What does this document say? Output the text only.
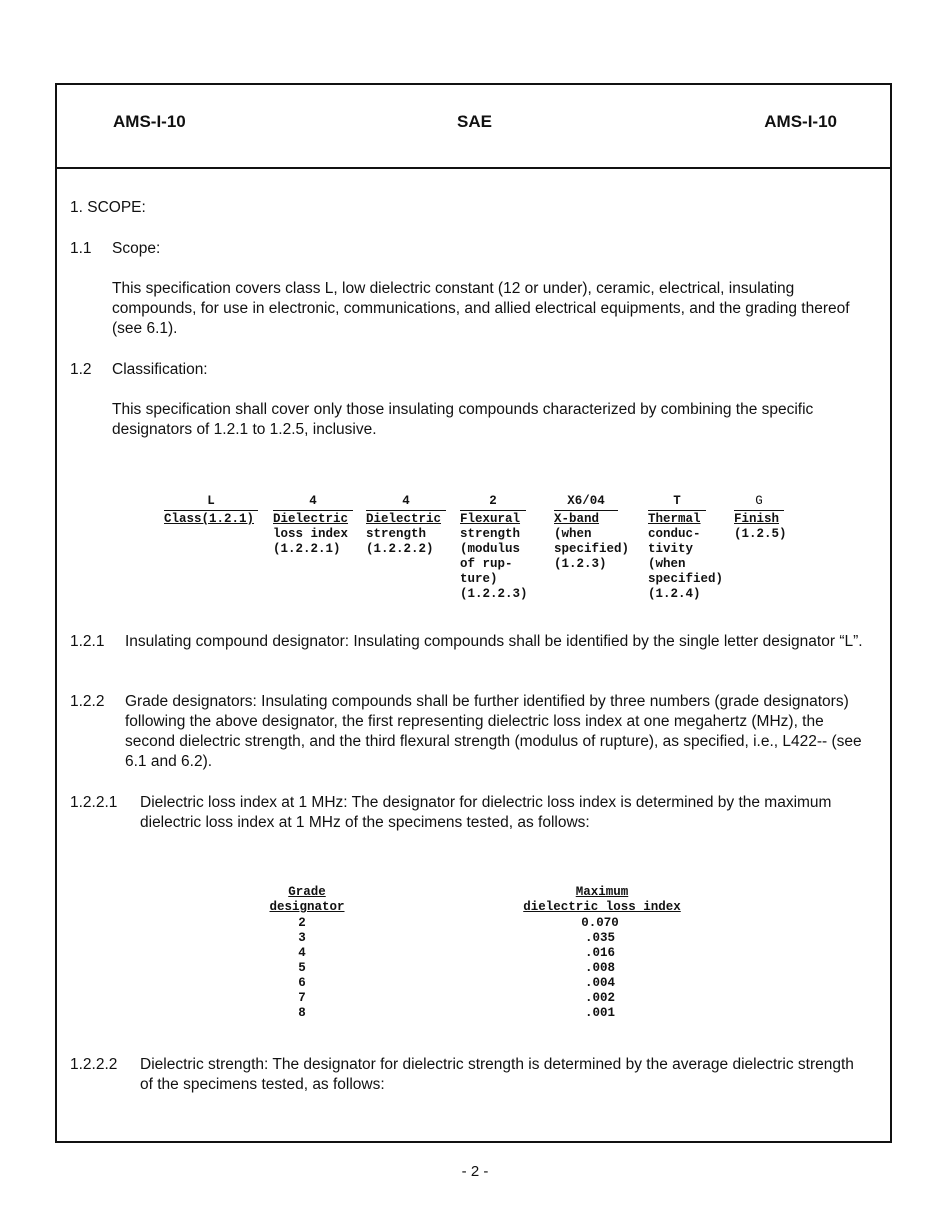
AMS-I-10	SAE	AMS-I-10
1. SCOPE:
1.1 Scope:
This specification covers class L, low dielectric constant (12 or under), ceramic, electrical, insulating compounds, for use in electronic, communications, and allied electrical equipments, and the grading thereof (see 6.1).
1.2 Classification:
This specification shall cover only those insulating compounds characterized by combining the specific designators of 1.2.1 to 1.2.5, inclusive.
L
Class(1.2.1)
4
Dielectric
loss index
(1.2.2.1)
4
Dielectric
strength
(1.2.2.2)
2
Flexural
strength
(modulus
of rup-
ture)
(1.2.2.3)
X6/04
X-band
(when
specified)
(1.2.3)
T
Thermal
conduc-
tivity
(when
specified)
(1.2.4)
G
Finish
(1.2.5)
1.2.1 Insulating compound designator: Insulating compounds shall be identified by the single letter designator “L”.
1.2.2 Grade designators: Insulating compounds shall be further identified by three numbers (grade designators) following the above designator, the first representing dielectric loss index at one megahertz (MHz), the second dielectric strength, and the third flexural strength (modulus of rupture), as specified, i.e., L422-- (see 6.1 and 6.2).
1.2.2.1 Dielectric loss index at 1 MHz: The designator for dielectric loss index is determined by the maximum dielectric loss index at 1 MHz of the specimens tested, as follows:
Grade
designator
Maximum
dielectric loss index
2
3
4
5
6
7
8
0.070
.035
.016
.008
.004
.002
.001
1.2.2.2 Dielectric strength: The designator for dielectric strength is determined by the average dielectric strength of the specimens tested, as follows:
- 2 -
